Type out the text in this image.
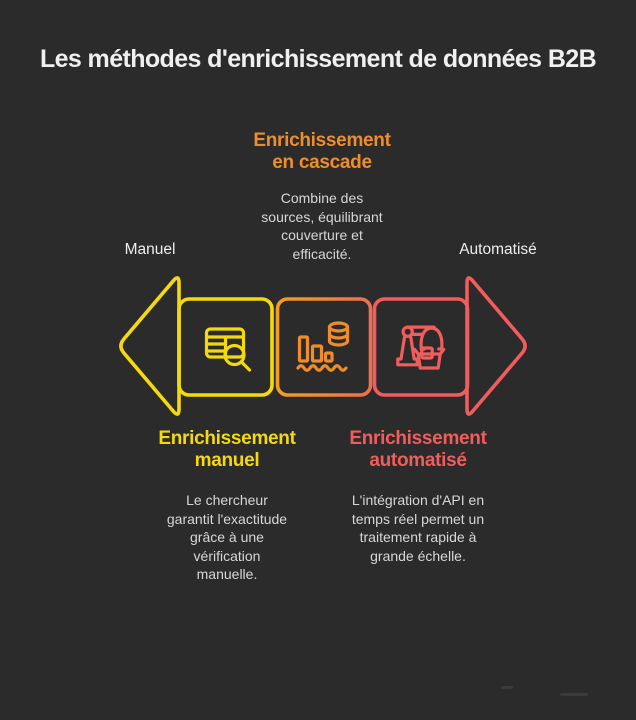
Les méthodes d'enrichissement de données B2B
Enrichissement
en cascade
Combine des
sources, équilibrant
couverture et
efficacité.
Manuel	Automatisé
Enrichissement
manuel
Le chercheur
garantit l'exactitude
grâce à une
vérification
manuelle.
Enrichissement
automatisé
L'intégration d'API en
temps réel permet un
traitement rapide à
grande échelle.
